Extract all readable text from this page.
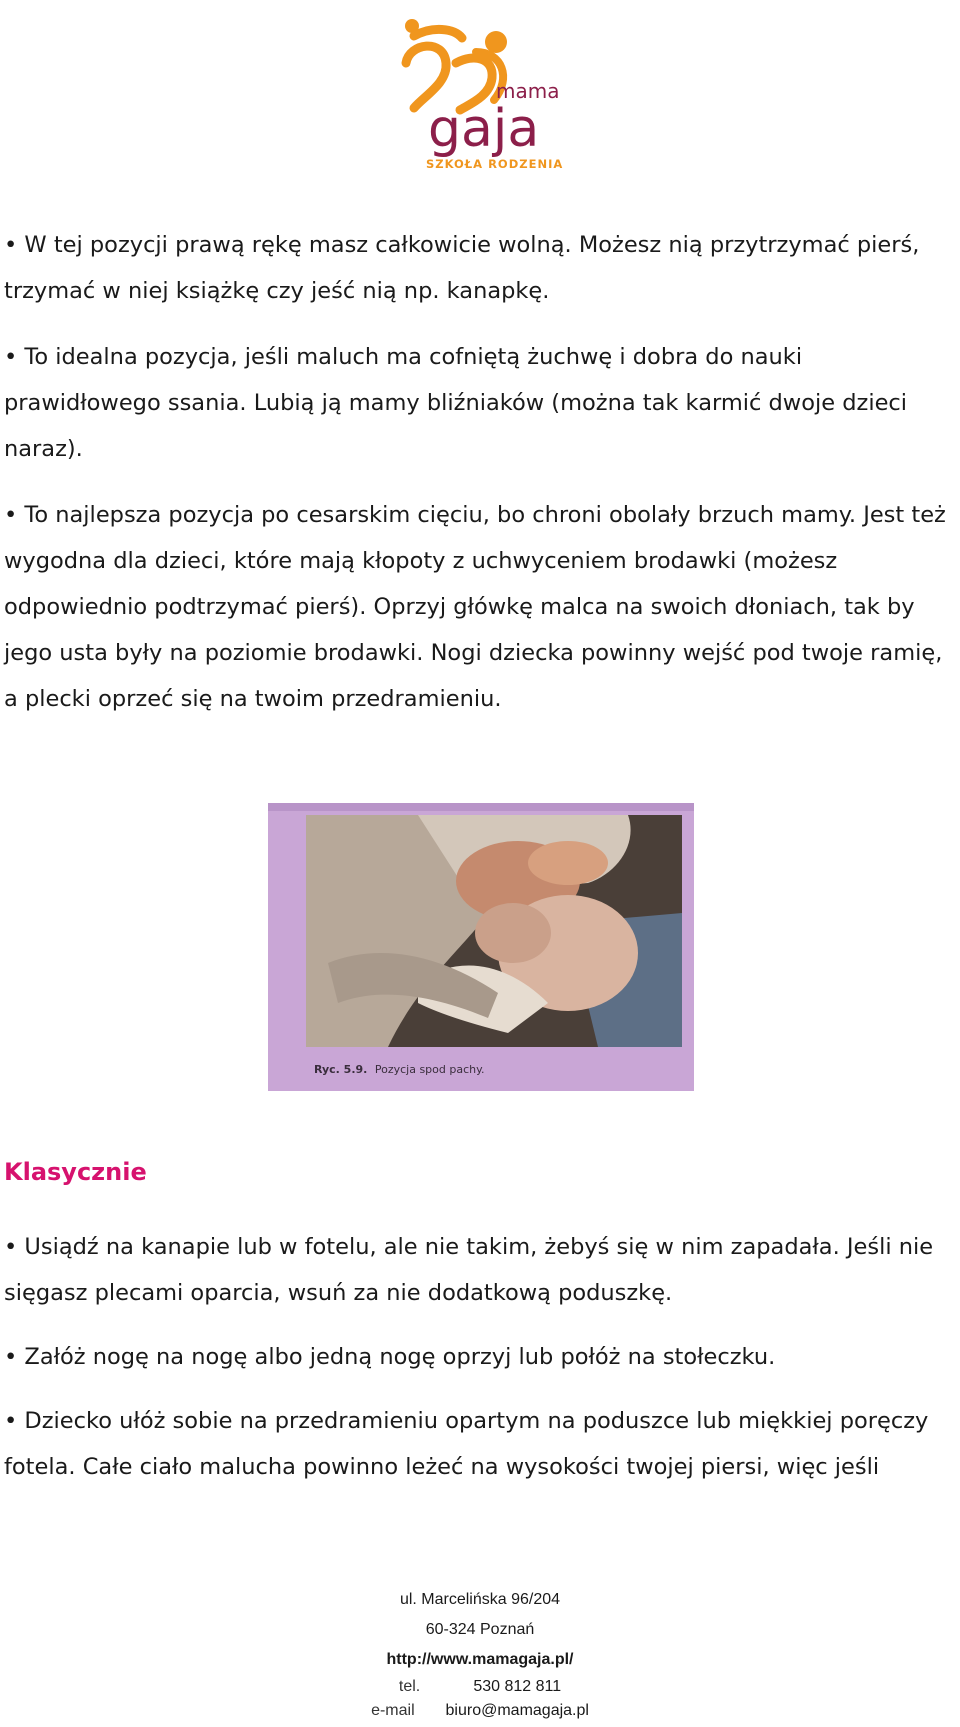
mama
gaja
SZKOŁA RODZENIA

• W tej pozycji prawą rękę masz całkowicie wolną. Możesz nią przytrzymać pierś, trzymać w niej książkę czy jeść nią np. kanapkę.

• To idealna pozycja, jeśli maluch ma cofniętą żuchwę i dobra do nauki prawidłowego ssania. Lubią ją mamy bliźniaków (można tak karmić dwoje dzieci naraz).

• To najlepsza pozycja po cesarskim cięciu, bo chroni obolały brzuch mamy. Jest też wygodna dla dzieci, które mają kłopoty z uchwyceniem brodawki (możesz odpowiednio podtrzymać pierś). Oprzyj główkę malca na swoich dłoniach, tak by jego usta były na poziomie brodawki. Nogi dziecka powinny wejść pod twoje ramię, a plecki oprzeć się na twoim przedramieniu.

Ryc. 5.9. Pozycja spod pachy.
Klasycznie

• Usiądź na kanapie lub w fotelu, ale nie takim, żebyś się w nim zapadała. Jeśli nie sięgasz plecami oparcia, wsuń za nie dodatkową poduszkę.

• Załóż nogę na nogę albo jedną nogę oprzyj lub połóż na stołeczku.

• Dziecko ułóż sobie na przedramieniu opartym na poduszce lub miękkiej poręczy fotela. Całe ciało malucha powinno leżeć na wysokości twojej piersi, więc jeśli

ul. Marcelińska 96/204
60-324 Poznań
http://www.mamagaja.pl/
tel.	530 812 811
e-mail biuro@mamagaja.pl
